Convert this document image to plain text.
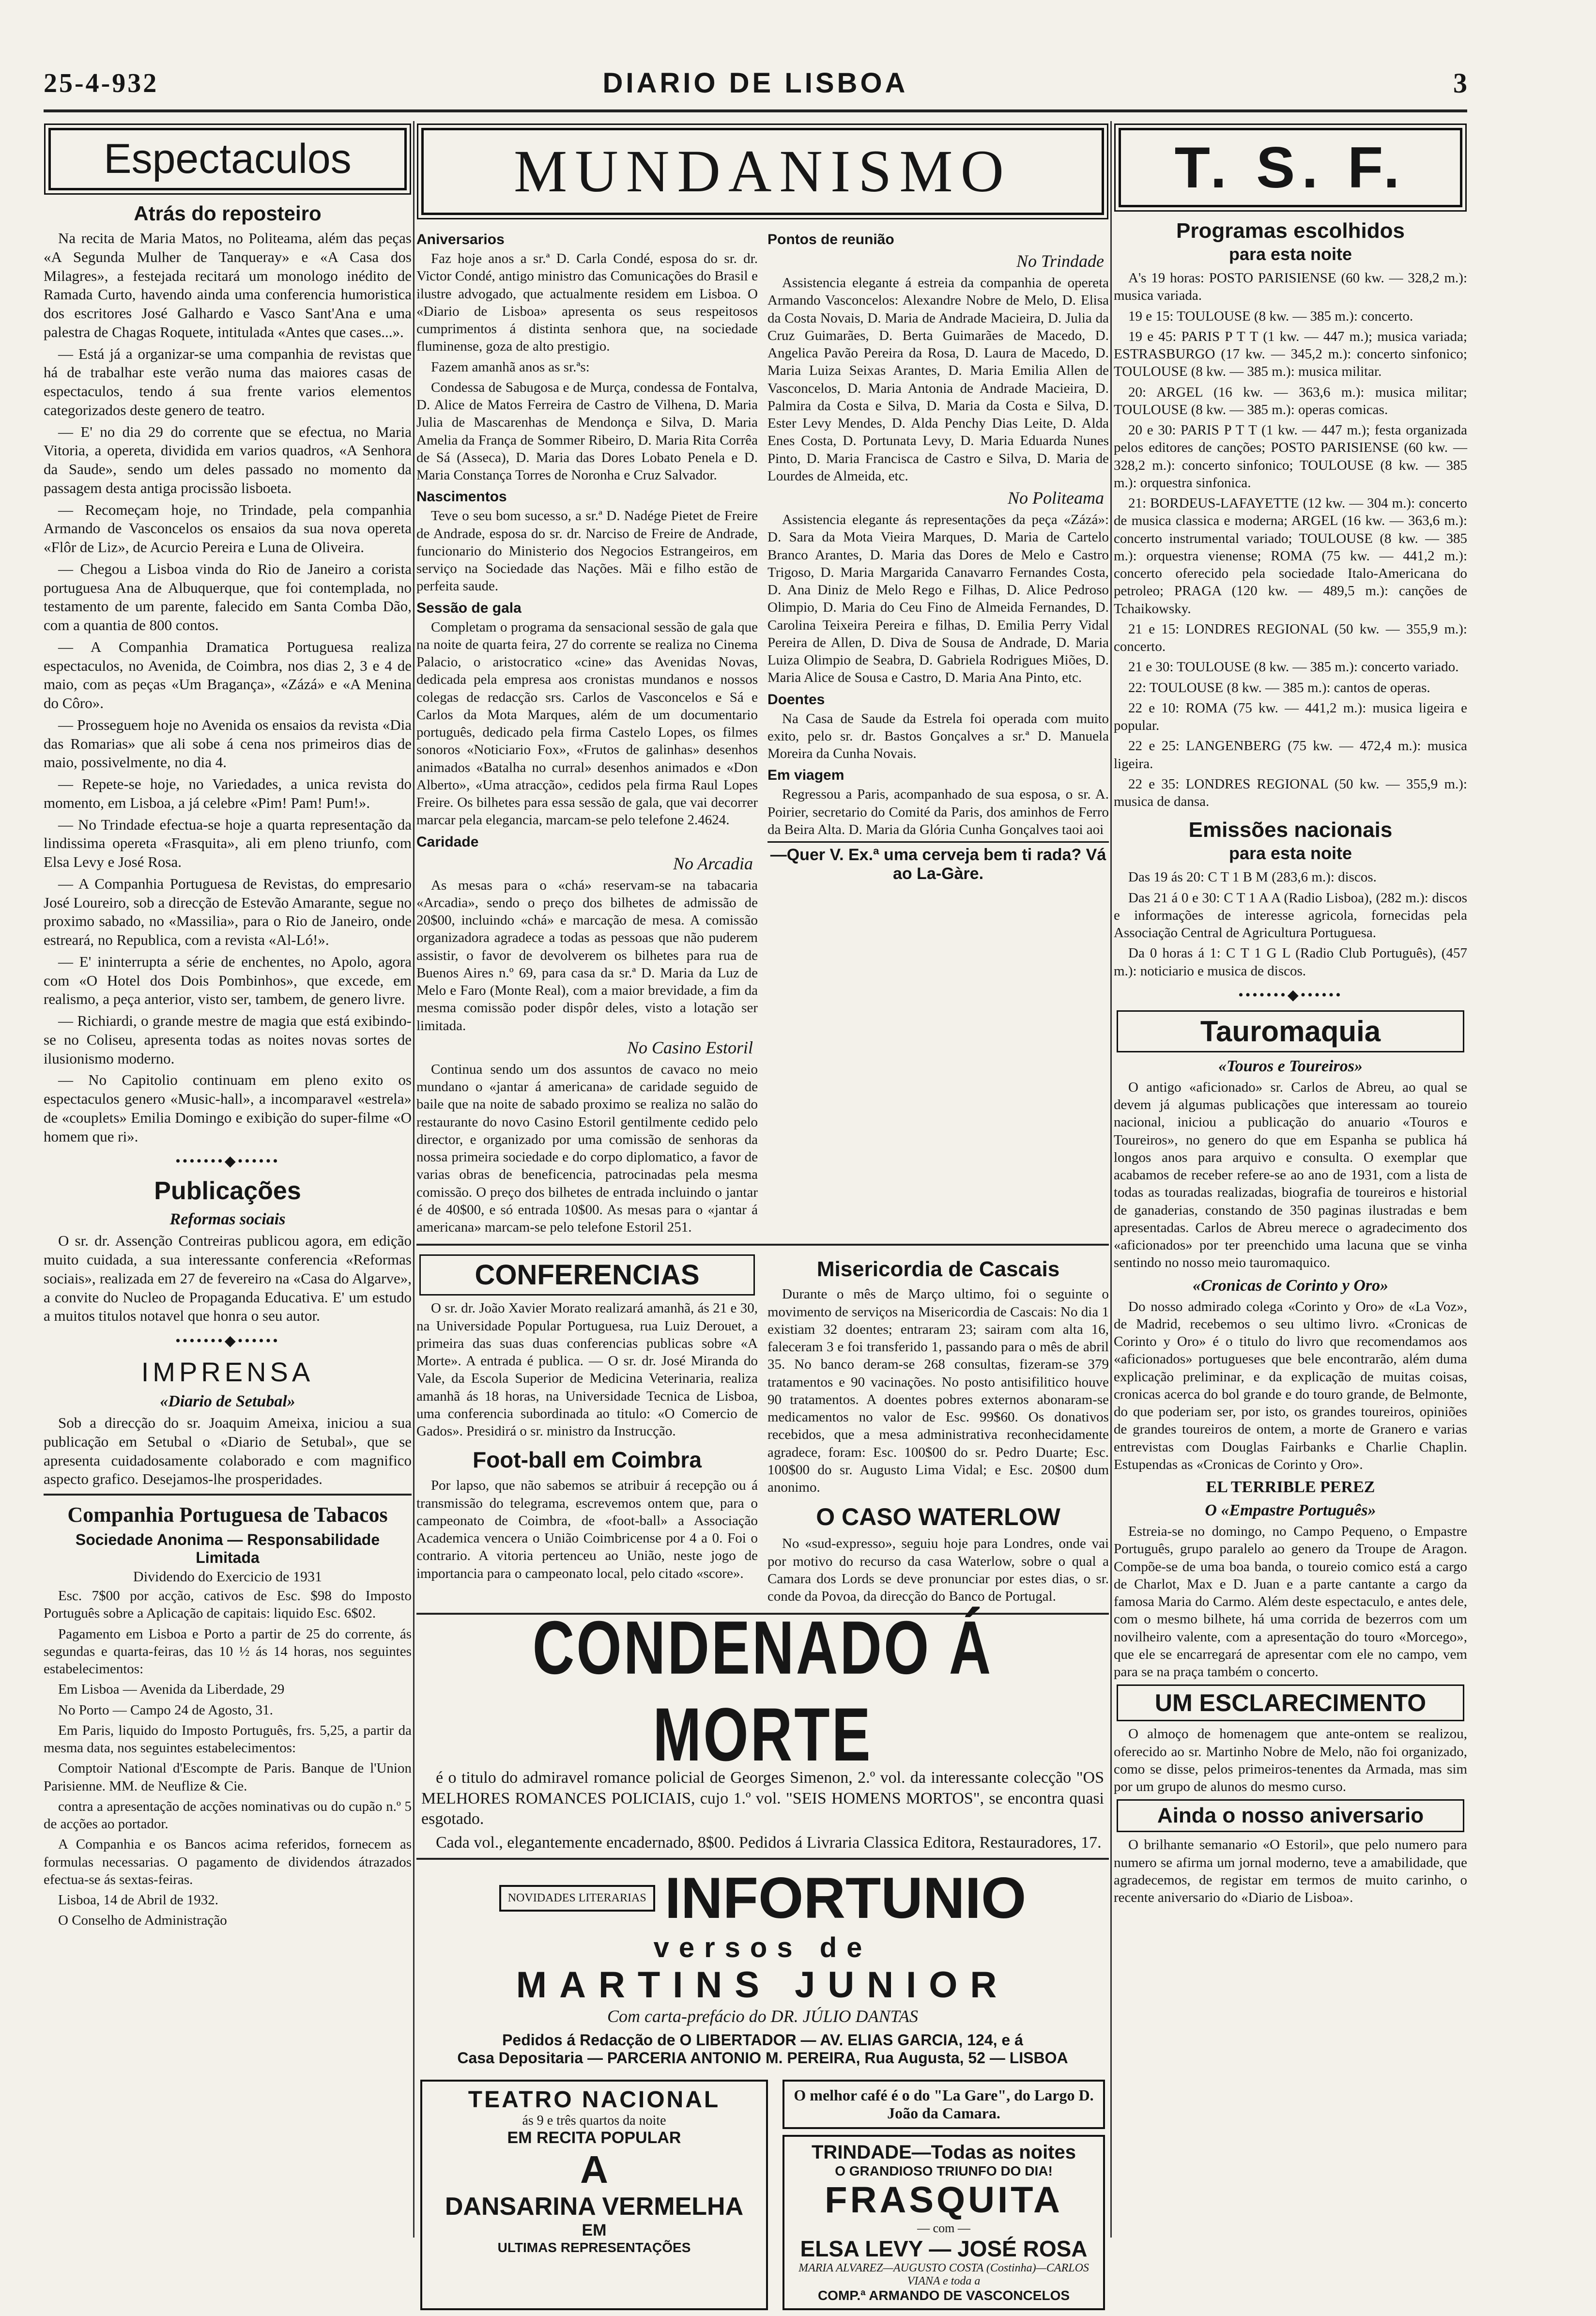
25-4-932	DIARIO DE LISBOA	3
Espectaculos
Atrás do reposteiro

Na recita de Maria Matos, no Politeama, além das peças «A Segunda Mulher de Tanqueray» e «A Casa dos Milagres», a festejada recitará um monologo inédito de Ramada Curto, havendo ainda uma conferencia humoristica dos escritores José Galhardo e Vasco Sant'Ana e uma palestra de Chagas Roquete, intitulada «Antes que cases...».

— Está já a organizar-se uma companhia de revistas que há de trabalhar este verão numa das maiores casas de espectaculos, tendo á sua frente varios elementos categorizados deste genero de teatro.

— E' no dia 29 do corrente que se efectua, no Maria Vitoria, a opereta, dividida em varios quadros, «A Senhora da Saude», sendo um deles passado no momento da passagem desta antiga procissão lisboeta.

— Recomeçam hoje, no Trindade, pela companhia Armando de Vasconcelos os ensaios da sua nova opereta «Flôr de Liz», de Acurcio Pereira e Luna de Oliveira.

— Chegou a Lisboa vinda do Rio de Janeiro a corista portuguesa Ana de Albuquerque, que foi contemplada, no testamento de um parente, falecido em Santa Comba Dão, com a quantia de 800 contos.

— A Companhia Dramatica Portuguesa realiza espectaculos, no Avenida, de Coimbra, nos dias 2, 3 e 4 de maio, com as peças «Um Bragança», «Zázá» e «A Menina do Côro».

— Prosseguem hoje no Avenida os ensaios da revista «Dia das Romarias» que ali sobe á cena nos primeiros dias de maio, possivelmente, no dia 4.

— Repete-se hoje, no Variedades, a unica revista do momento, em Lisboa, a já celebre «Pim! Pam! Pum!».

— No Trindade efectua-se hoje a quarta representação da lindissima opereta «Frasquita», ali em pleno triunfo, com Elsa Levy e José Rosa.

— A Companhia Portuguesa de Revistas, do empresario José Loureiro, sob a direcção de Estevão Amarante, segue no proximo sabado, no «Massilia», para o Rio de Janeiro, onde estreará, no Republica, com a revista «Al-Ló!».

— E' ininterrupta a série de enchentes, no Apolo, agora com «O Hotel dos Dois Pombinhos», que excede, em realismo, a peça anterior, visto ser, tambem, de genero livre.

— Richiardi, o grande mestre de magia que está exibindo-se no Coliseu, apresenta todas as noites novas sortes de ilusionismo moderno.

— No Capitolio continuam em pleno exito os espectaculos genero «Music-hall», a incomparavel «estrela» de «couplets» Emilia Domingo e exibição do super-filme «O homem que ri».

•••••••◆••••••
Publicações
Reformas sociais

O sr. dr. Assenção Contreiras publicou agora, em edição muito cuidada, a sua interessante conferencia «Reformas sociais», realizada em 27 de fevereiro na «Casa do Algarve», a convite do Nucleo de Propaganda Educativa. E' um estudo a muitos titulos notavel que honra o seu autor.

•••••••◆••••••
IMPRENSA
«Diario de Setubal»

Sob a direcção do sr. Joaquim Ameixa, iniciou a sua publicação em Setubal o «Diario de Setubal», que se apresenta cuidadosamente colaborado e com magnifico aspecto grafico. Desejamos-lhe prosperidades.

Companhia Portuguesa de Tabacos
Sociedade Anonima — Responsabilidade Limitada
Dividendo do Exercicio de 1931

Esc. 7$00 por acção, cativos de Esc. $98 do Imposto Português sobre a Aplicação de capitais: liquido Esc. 6$02.

Pagamento em Lisboa e Porto a partir de 25 do corrente, ás segundas e quarta-feiras, das 10 ½ ás 14 horas, nos seguintes estabelecimentos:

Em Lisboa — Avenida da Liberdade, 29

No Porto — Campo 24 de Agosto, 31.

Em Paris, liquido do Imposto Português, frs. 5,25, a partir da mesma data, nos seguintes estabelecimentos:

Comptoir National d'Escompte de Paris. Banque de l'Union Parisienne. MM. de Neuflize & Cie.

contra a apresentação de acções nominativas ou do cupão n.º 5 de acções ao portador.

A Companhia e os Bancos acima referidos, fornecem as formulas necessarias. O pagamento de dividendos átrazados efectua-se ás sextas-feiras.

Lisboa, 14 de Abril de 1932.

O Conselho de Administração

MUNDANISMO
Aniversarios

Faz hoje anos a sr.ª D. Carla Condé, esposa do sr. dr. Victor Condé, antigo ministro das Comunicações do Brasil e ilustre advogado, que actualmente residem em Lisboa. O «Diario de Lisboa» apresenta os seus respeitosos cumprimentos á distinta senhora que, na sociedade fluminense, goza de alto prestigio.

Fazem amanhã anos as sr.ªs:

Condessa de Sabugosa e de Murça, condessa de Fontalva, D. Alice de Matos Ferreira de Castro de Vilhena, D. Maria Julia de Mascarenhas de Mendonça e Silva, D. Maria Amelia da França de Sommer Ribeiro, D. Maria Rita Corrêa de Sá (Asseca), D. Maria das Dores Lobato Penela e D. Maria Constança Torres de Noronha e Cruz Salvador.

Nascimentos

Teve o seu bom sucesso, a sr.ª D. Nadége Pietet de Freire de Andrade, esposa do sr. dr. Narciso de Freire de Andrade, funcionario do Ministerio dos Negocios Estrangeiros, em serviço na Sociedade das Nações. Mãi e filho estão de perfeita saude.

Sessão de gala

Completam o programa da sensacional sessão de gala que na noite de quarta feira, 27 do corrente se realiza no Cinema Palacio, o aristocratico «cine» das Avenidas Novas, dedicada pela empresa aos cronistas mundanos e nossos colegas de redacção srs. Carlos de Vasconcelos e Sá e Carlos da Mota Marques, além de um documentario português, dedicado pela firma Castelo Lopes, os filmes sonoros «Noticiario Fox», «Frutos de galinhas» desenhos animados «Batalha no curral» desenhos animados e «Don Alberto», «Uma atracção», cedidos pela firma Raul Lopes Freire. Os bilhetes para essa sessão de gala, que vai decorrer marcar pela elegancia, marcam-se pelo telefone 2.4624.

Caridade
No Arcadia

As mesas para o «chá» reservam-se na tabacaria «Arcadia», sendo o preço dos bilhetes de admissão de 20$00, incluindo «chá» e marcação de mesa. A comissão organizadora agradece a todas as pessoas que não puderem assistir, o favor de devolverem os bilhetes para rua de Buenos Aires n.º 69, para casa da sr.ª D. Maria da Luz de Melo e Faro (Monte Real), com a maior brevidade, a fim da mesma comissão poder dispôr deles, visto a lotação ser limitada.

No Casino Estoril

Continua sendo um dos assuntos de cavaco no meio mundano o «jantar á americana» de caridade seguido de baile que na noite de sabado proximo se realiza no salão do restaurante do novo Casino Estoril gentilmente cedido pelo director, e organizado por uma comissão de senhoras da nossa primeira sociedade e do corpo diplomatico, a favor de varias obras de beneficencia, patrocinadas pela mesma comissão. O preço dos bilhetes de entrada incluindo o jantar é de 40$00, e só entrada 10$00. As mesas para o «jantar á americana» marcam-se pelo telefone Estoril 251.

Pontos de reunião
No Trindade

Assistencia elegante á estreia da companhia de opereta Armando Vasconcelos: Alexandre Nobre de Melo, D. Elisa da Costa Novais, D. Maria de Andrade Macieira, D. Julia da Cruz Guimarães, D. Berta Guimarães de Macedo, D. Angelica Pavão Pereira da Rosa, D. Laura de Macedo, D. Maria Luiza Seixas Arantes, D. Maria Emilia Allen de Vasconcelos, D. Maria Antonia de Andrade Macieira, D. Palmira da Costa e Silva, D. Maria da Costa e Silva, D. Ester Levy Mendes, D. Alda Penchy Dias Leite, D. Alda Enes Costa, D. Portunata Levy, D. Maria Eduarda Nunes Pinto, D. Maria Francisca de Castro e Silva, D. Maria de Lourdes de Almeida, etc.

No Politeama

Assistencia elegante ás representações da peça «Zázá»: D. Sara da Mota Vieira Marques, D. Maria de Cartelo Branco Arantes, D. Maria das Dores de Melo e Castro Trigoso, D. Maria Margarida Canavarro Fernandes Costa, D. Ana Diniz de Melo Rego e Filhas, D. Alice Pedroso Olimpio, D. Maria do Ceu Fino de Almeida Fernandes, D. Carolina Teixeira Pereira e filhas, D. Emilia Perry Vidal Pereira de Allen, D. Diva de Sousa de Andrade, D. Maria Luiza Olimpio de Seabra, D. Gabriela Rodrigues Miões, D. Maria Alice de Sousa e Castro, D. Maria Ana Pinto, etc.

Doentes

Na Casa de Saude da Estrela foi operada com muito exito, pelo sr. dr. Bastos Gonçalves a sr.ª D. Manuela Moreira da Cunha Novais.

Em viagem

Regressou a Paris, acompanhado de sua esposa, o sr. A. Poirier, secretario do Comité da Paris, dos aminhos de Ferro da Beira Alta. D. Maria da Glória Cunha Gonçalves taoi aoi

—Quer V. Ex.ª uma cerveja bem ti rada? Vá ao La-Gàre.
CONFERENCIAS

O sr. dr. João Xavier Morato realizará amanhã, ás 21 e 30, na Universidade Popular Portuguesa, rua Luiz Derouet, a primeira das suas duas conferencias publicas sobre «A Morte». A entrada é publica. — O sr. dr. José Miranda do Vale, da Escola Superior de Medicina Veterinaria, realiza amanhã ás 18 horas, na Universidade Tecnica de Lisboa, uma conferencia subordinada ao titulo: «O Comercio de Gados». Presidirá o sr. ministro da Instrucção.

Foot-ball em Coimbra

Por lapso, que não sabemos se atribuir á recepção ou á transmissão do telegrama, escrevemos ontem que, para o campeonato de Coimbra, de «foot-ball» a Associação Academica vencera o União Coimbricense por 4 a 0. Foi o contrario. A vitoria pertenceu ao União, neste jogo de importancia para o campeonato local, pelo citado «score».

Misericordia de Cascais

Durante o mês de Março ultimo, foi o seguinte o movimento de serviços na Misericordia de Cascais: No dia 1 existiam 32 doentes; entraram 23; sairam com alta 16, faleceram 3 e foi transferido 1, passando para o mês de abril 35. No banco deram-se 268 consultas, fizeram-se 379 tratamentos e 90 vacinações. No posto antisifilitico houve 90 tratamentos. A doentes pobres externos abonaram-se medicamentos no valor de Esc. 99$60. Os donativos recebidos, que a mesa administrativa reconhecidamente agradece, foram: Esc. 100$00 do sr. Pedro Duarte; Esc. 100$00 do sr. Augusto Lima Vidal; e Esc. 20$00 dum anonimo.

O CASO WATERLOW

No «sud-expresso», seguiu hoje para Londres, onde vai por motivo do recurso da casa Waterlow, sobre o qual a Camara dos Lords se deve pronunciar por estes dias, o sr. conde da Povoa, da direcção do Banco de Portugal.

CONDENADO Á MORTE

é o titulo do admiravel romance policial de Georges Simenon, 2.º vol. da interessante colecção "OS MELHORES ROMANCES POLICIAIS, cujo 1.º vol. "SEIS HOMENS MORTOS", se encontra quasi esgotado.

Cada vol., elegantemente encadernado, 8$00. Pedidos á Livraria Classica Editora, Restauradores, 17.

NOVIDADES LITERARIAS INFORTUNIO
versos de
MARTINS JUNIOR
Com carta-prefácio do DR. JÚLIO DANTAS
Pedidos á Redacção de O LIBERTADOR — AV. ELIAS GARCIA, 124, e á
Casa Depositaria — PARCERIA ANTONIO M. PEREIRA, Rua Augusta, 52 — LISBOA
TEATRO NACIONAL
ás 9 e três quartos da noite
EM RECITA POPULAR
A
DANSARINA VERMELHA
EM
ULTIMAS REPRESENTAÇÕES
O melhor café é o do "La Gare", do Largo D. João da Camara.
TRINDADE—Todas as noites
O GRANDIOSO TRIUNFO DO DIA!
FRASQUITA
— com —
ELSA LEVY — JOSÉ ROSA
MARIA ALVAREZ—AUGUSTO COSTA (Costinha)—CARLOS VIANA e toda a
COMP.ª ARMANDO DE VASCONCELOS
T. S. F.
Programas escolhidos
para esta noite

A's 19 horas: POSTO PARISIENSE (60 kw. — 328,2 m.): musica variada.

19 e 15: TOULOUSE (8 kw. — 385 m.): concerto.

19 e 45: PARIS P T T (1 kw. — 447 m.); musica variada; ESTRASBURGO (17 kw. — 345,2 m.): concerto sinfonico; TOULOUSE (8 kw. — 385 m.): musica militar.

20: ARGEL (16 kw. — 363,6 m.): musica militar; TOULOUSE (8 kw. — 385 m.): operas comicas.

20 e 30: PARIS P T T (1 kw. — 447 m.); festa organizada pelos editores de canções; POSTO PARISIENSE (60 kw. — 328,2 m.): concerto sinfonico; TOULOUSE (8 kw. — 385 m.): orquestra sinfonica.

21: BORDEUS-LAFAYETTE (12 kw. — 304 m.): concerto de musica classica e moderna; ARGEL (16 kw. — 363,6 m.): concerto instrumental variado; TOULOUSE (8 kw. — 385 m.): orquestra vienense; ROMA (75 kw. — 441,2 m.): concerto oferecido pela sociedade Italo-Americana do petroleo; PRAGA (120 kw. — 489,5 m.): canções de Tchaikowsky.

21 e 15: LONDRES REGIONAL (50 kw. — 355,9 m.): concerto.

21 e 30: TOULOUSE (8 kw. — 385 m.): concerto variado.

22: TOULOUSE (8 kw. — 385 m.): cantos de operas.

22 e 10: ROMA (75 kw. — 441,2 m.): musica ligeira e popular.

22 e 25: LANGENBERG (75 kw. — 472,4 m.): musica ligeira.

22 e 35: LONDRES REGIONAL (50 kw. — 355,9 m.): musica de dansa.

Emissões nacionais
para esta noite

Das 19 ás 20: C T 1 B M (283,6 m.): discos.

Das 21 á 0 e 30: C T 1 A A (Radio Lisboa), (282 m.): discos e informações de interesse agricola, fornecidas pela Associação Central de Agricultura Portuguesa.

Da 0 horas á 1: C T 1 G L (Radio Club Português), (457 m.): noticiario e musica de discos.

•••••••◆••••••
Tauromaquia
«Touros e Toureiros»

O antigo «aficionado» sr. Carlos de Abreu, ao qual se devem já algumas publicações que interessam ao toureio nacional, iniciou a publicação do anuario «Touros e Toureiros», no genero do que em Espanha se publica há longos anos para arquivo e consulta. O exemplar que acabamos de receber refere-se ao ano de 1931, com a lista de todas as touradas realizadas, biografia de toureiros e historial de ganaderias, constando de 350 paginas ilustradas e bem apresentadas. Carlos de Abreu merece o agradecimento dos «aficionados» por ter preenchido uma lacuna que se vinha sentindo no nosso meio tauromaquico.

«Cronicas de Corinto y Oro»

Do nosso admirado colega «Corinto y Oro» de «La Voz», de Madrid, recebemos o seu ultimo livro. «Cronicas de Corinto y Oro» é o titulo do livro que recomendamos aos «aficionados» portugueses que bele encontrarão, além duma explicação preliminar, e da explicação de muitas coisas, cronicas acerca do bol grande e do touro grande, de Belmonte, do que poderiam ser, por isto, os grandes toureiros, opiniões de grandes toureiros de ontem, a morte de Granero e varias entrevistas com Douglas Fairbanks e Charlie Chaplin. Estupendas as «Cronicas de Corinto y Oro».

EL TERRIBLE PEREZ
O «Empastre Português»

Estreia-se no domingo, no Campo Pequeno, o Empastre Português, grupo paralelo ao genero da Troupe de Aragon. Compõe-se de uma boa banda, o toureio comico está a cargo de Charlot, Max e D. Juan e a parte cantante a cargo da famosa Maria do Carmo. Além deste espectaculo, e antes dele, com o mesmo bilhete, há uma corrida de bezerros com um novilheiro valente, com a apresentação do touro «Morcego», que ele se encarregará de apresentar com ele no campo, vem para se na praça também o concerto.

UM ESCLARECIMENTO

O almoço de homenagem que ante-ontem se realizou, oferecido ao sr. Martinho Nobre de Melo, não foi organizado, como se disse, pelos primeiros-tenentes da Armada, mas sim por um grupo de alunos do mesmo curso.

Ainda o nosso aniversario

O brilhante semanario «O Estoril», que pelo numero para numero se afirma um jornal moderno, teve a amabilidade, que agradecemos, de registar em termos de muito carinho, o recente aniversario do «Diario de Lisboa».
